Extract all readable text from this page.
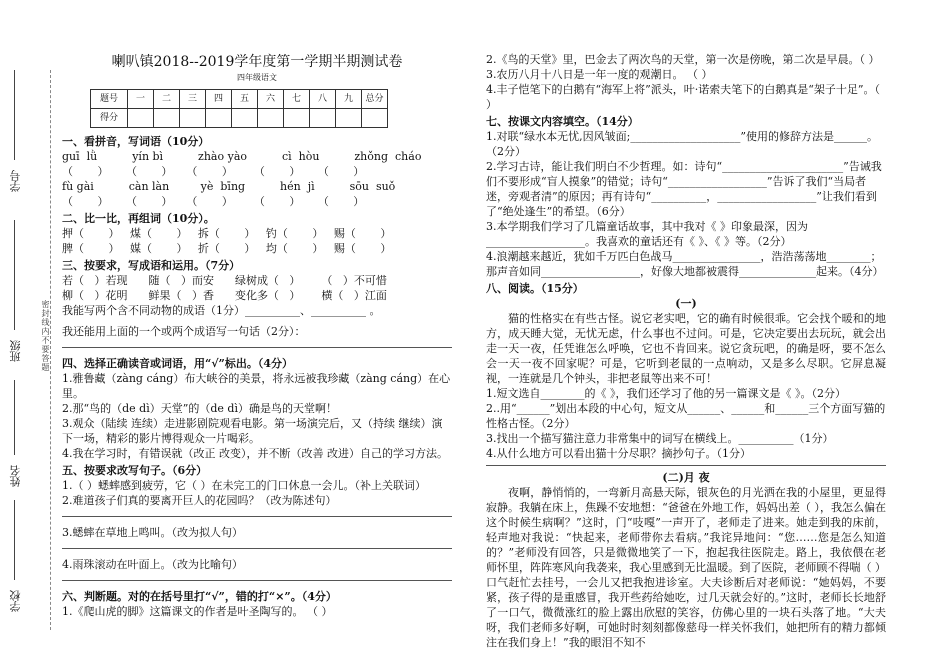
学号
班级
姓名
学校
密封线内不要答题

喇叭镇2018--2019学年度第一学期半期测试卷

四年级语文

题号	一	二	三	四	五	六	七	八	九	总分
得分										
一、看拼音，写词语（10分）
guī  lǜ          yín bì          zhào yào          cì  hòu          zhǒng  cháo
（       ）     （       ）    （       ）      （       ）     （       ）
fù gài          càn làn         yè  bīng          hén  jì          sōu  suǒ
（       ）     （       ）    （       ）      （       ）     （       ）
二、比一比，再组词（10分）。
押（       ）   煤（       ）   拆（       ）   钓（       ）   赐（       ）
脾（       ）   媒（       ）   折（       ）   均（       ）   赐（       ）
三、按要求，写成语和运用。（7分）
若（   ）若现      随（   ）而安      绿树成（   ）      （   ）不可惜
柳（   ）花明      鲜果（   ）香      变化多（   ）      横（   ）江面
我能写两个含不同动物的成语（1分）__________、__________ 。
我还能用上面的一个或两个成语写一句话（2分）：
四、选择正确读音或词语，用“√”标出。（4分）
1.雅鲁藏（zàng cáng）布大峡谷的美景，将永远被我珍藏（zàng cáng）在心里。
2.那“鸟的（de dì）天堂”的（de dì）确是鸟的天堂啊！
3.观众（陆续 连续）走进影剧院观看电影。第一场演完后，又（持续 继续）演下一场，精彩的影片博得观众一片喝彩。
4.我在学习时，有错误就（改正 改变），并不断（改善 改进）自己的学习方法。
五、按要求改写句子。（6分）
1.（ ）蟋蟀感到疲劳，它（ ）在未完工的门口休息一会儿。（补上关联词）
2.难道孩子们真的要离开巨人的花园吗？（改为陈述句）
3.蟋蟀在草地上鸣叫。（改为拟人句）
4.雨珠滚动在叶面上。（改为比喻句）
六、判断题。对的在括号里打“√”，错的打“×”。（4分）
1.《爬山虎的脚》这篇课文的作者是叶圣陶写的。 （ ）
2.《鸟的天堂》里，巴金去了两次鸟的天堂，第一次是傍晚，第二次是早晨。（ ）
3.农历八月十八日是一年一度的观潮日。 （ ）
4.丰子恺笔下的白鹅有“海军上将”派头，叶·诺索夫笔下的白鹅真是“架子十足”。（ ）
七、按课文内容填空。（14分）
1.对联“绿水本无忧,因风皱面;____________________”使用的修辞方法是______。（2分）
2.学习古诗，能让我们明白不少哲理。如：诗句“______________________”告诫我们不要形成“盲人摸象”的错觉；诗句“__________________”告诉了我们“当局者迷，旁观者清”的原因；再有诗句“__________，__________________”让我们看到了“绝处逢生”的希望。（6分）
3.本学期我们学习了几篇童话故事，其中我对《 》印象最深，因为__________________。我喜欢的童话还有《 》、《 》等。（2分）
4.浪潮越来越近，犹如千万匹白色战马________________，浩浩荡荡地________；那声音如同__________________，好像大地都被震得______________起来。（4分）
八、阅读。（15分）
(一)
猫的性格实在有些古怪。说它老实吧，它的确有时候很乖。它会找个暖和的地方，成天睡大觉，无忧无虑，什么事也不过问。可是，它决定要出去玩玩，就会出走一天一夜，任凭谁怎么呼唤，它也不肯回来。说它贪玩吧，的确是呀，要不怎么会一天一夜不回家呢？可是，它听到老鼠的一点响动，又是多么尽职。它屏息凝视，一连就是几个钟头，非把老鼠等出来不可！
1.短文选自________的《 》，我们还学习了他的另一篇课文是《 》。（2分）
2..用“______”划出本段的中心句，短文从______、______和______三个方面写猫的性格古怪。（2分）
3.找出一个描写猫注意力非常集中的词写在横线上。__________（1分）
4.从什么地方可以看出猫十分尽职？摘抄句子。（1分）
(二)月 夜
夜啊，静悄悄的，一弯新月高悬天际，银灰色的月光洒在我的小屋里，更显得寂静。我躺在床上，焦躁不安地想：“爸爸在外地工作，妈妈出差（ ），我怎么偏在这个时候生病啊？”这时，门“吱嘎”一声开了，老师走了进来。她走到我的床前，轻声地对我说：“快起来，老师带你去看病。”我诧异地问：“您……您是怎么知道的？”老师没有回答，只是微微地笑了一下，抱起我往医院走。路上，我依偎在老师怀里，阵阵寒风向我袭来，我心里感到无比温暖。到了医院，老师顾不得喘（ ）口气赶忙去挂号，一会儿又把我抱进诊室。大夫诊断后对老师说：“她妈妈，不要紧，孩子得的是重感冒，我开些药给她吃，过几天就会好的。”这时，老师长长地舒了一口气，微微涨红的脸上露出欣慰的笑容，仿佛心里的一块石头落了地。“大夫呀，我们老师多好啊，可她时时刻刻都像慈母一样关怀我们，她把所有的精力都倾注在我们身上！”我的眼泪不知不
